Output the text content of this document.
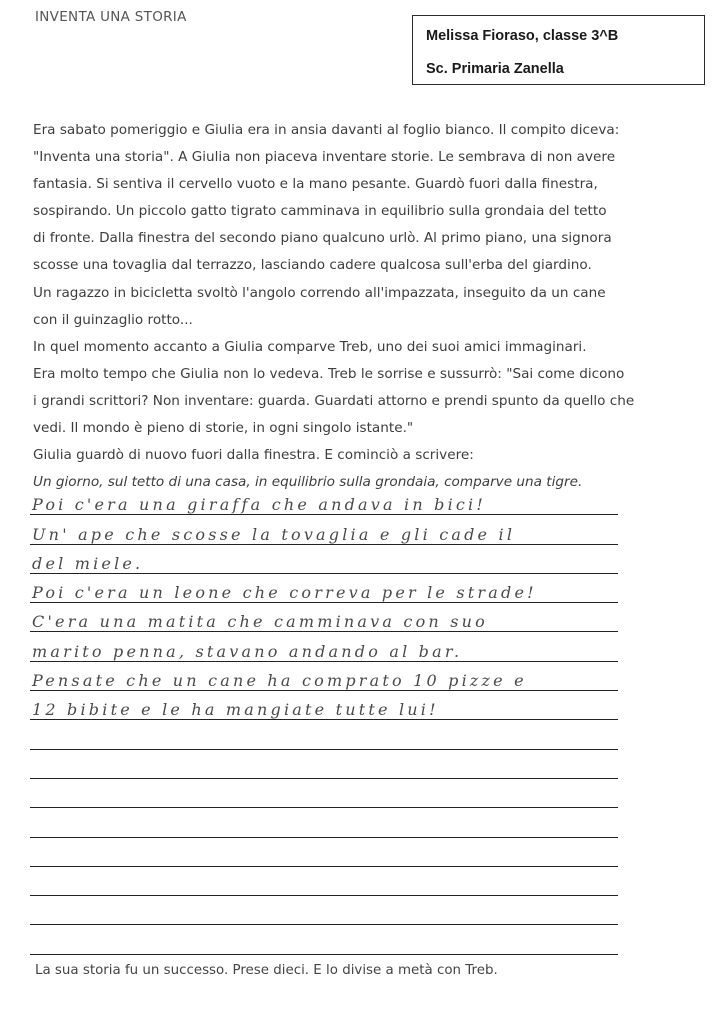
INVENTA UNA STORIA
Melissa Fioraso, classe 3^B
Sc. Primaria Zanella
Era sabato pomeriggio e Giulia era in ansia davanti al foglio bianco. Il compito diceva:
"Inventa una storia". A Giulia non piaceva inventare storie. Le sembrava di non avere
fantasia. Si sentiva il cervello vuoto e la mano pesante. Guardò fuori dalla finestra,
sospirando. Un piccolo gatto tigrato camminava in equilibrio sulla grondaia del tetto
di fronte. Dalla finestra del secondo piano qualcuno urlò. Al primo piano, una signora
scosse una tovaglia dal terrazzo, lasciando cadere qualcosa sull'erba del giardino.
Un ragazzo in bicicletta svoltò l'angolo correndo all'impazzata, inseguito da un cane
con il guinzaglio rotto...
In quel momento accanto a Giulia comparve Treb, uno dei suoi amici immaginari.
Era molto tempo che Giulia non lo vedeva. Treb le sorrise e sussurrò: "Sai come dicono
i grandi scrittori? Non inventare: guarda. Guardati attorno e prendi spunto da quello che
vedi. Il mondo è pieno di storie, in ogni singolo istante."
Giulia guardò di nuovo fuori dalla finestra. E cominciò a scrivere:
Un giorno, sul tetto di una casa, in equilibrio sulla grondaia, comparve una tigre.
Poi c'era una giraffa che andava in bici!
Un' ape che scosse la tovaglia e gli cade il
del miele.
Poi c'era un leone che correva per le strade!
C'era una matita che camminava con suo
marito penna, stavano andando al bar.
Pensate che un cane ha comprato 10 pizze e
12 bibite e le ha mangiate tutte lui!
La sua storia fu un successo. Prese dieci. E lo divise a metà con Treb.
